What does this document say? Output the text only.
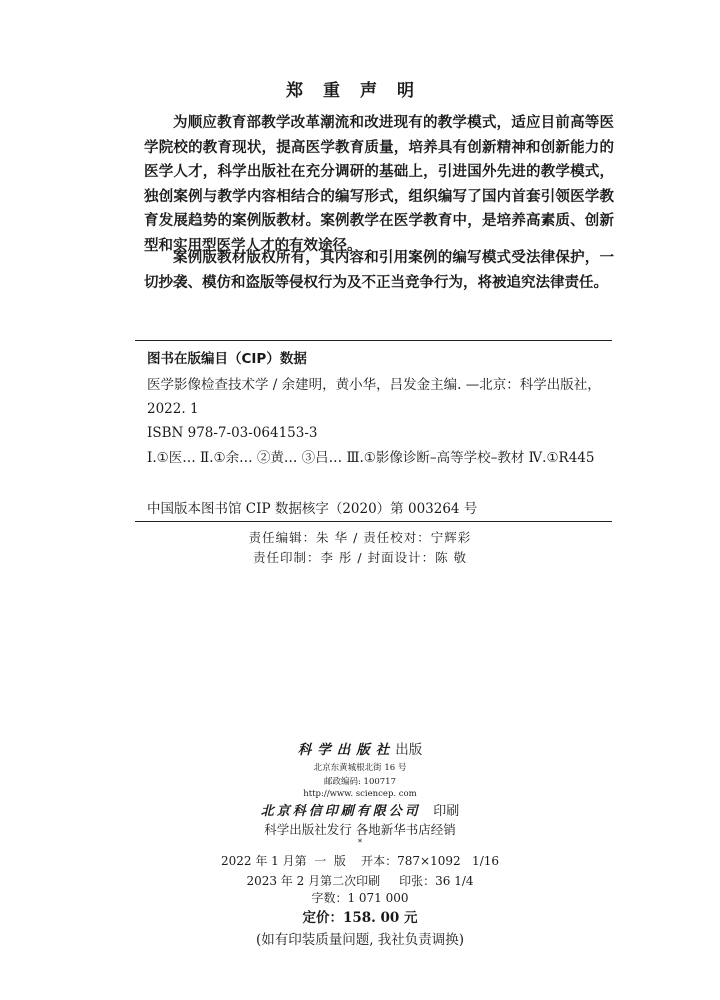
郑重声明

为顺应教育部教学改革潮流和改进现有的教学模式，适应目前高等医学院校的教育现状，提高医学教育质量，培养具有创新精神和创新能力的医学人才，科学出版社在充分调研的基础上，引进国外先进的教学模式，独创案例与教学内容相结合的编写形式，组织编写了国内首套引领医学教育发展趋势的案例版教材。案例教学在医学教育中，是培养高素质、创新型和实用型医学人才的有效途径。

案例版教材版权所有，其内容和引用案例的编写模式受法律保护，一切抄袭、模仿和盗版等侵权行为及不正当竞争行为，将被追究法律责任。

图书在版编目（CIP）数据
医学影像检查技术学 / 余建明，黄小华，吕发金主编. —北京：科学出版社，2022. 1
ISBN 978-7-03-064153-3
Ⅰ.①医… Ⅱ.①余… ②黄… ③吕… Ⅲ.①影像诊断–高等学校–教材 Ⅳ.①R445
中国版本图书馆 CIP 数据核字（2020）第 003264 号
责任编辑：朱 华 / 责任校对：宁辉彩
责任印制：李 彤 / 封面设计：陈 敬
科学出版社出版
北京东黄城根北街 16 号
邮政编码: 100717
http://www. sciencep. com
北京科信印刷有限公司 印刷
科学出版社发行 各地新华书店经销
*
2022 年 1 月第  一  版    开本：787×1092   1/16
2023 年 2 月第二次印刷     印张：36 1/4
字数：1 071 000
定价：158. 00 元
(如有印装质量问题, 我社负责调换)
